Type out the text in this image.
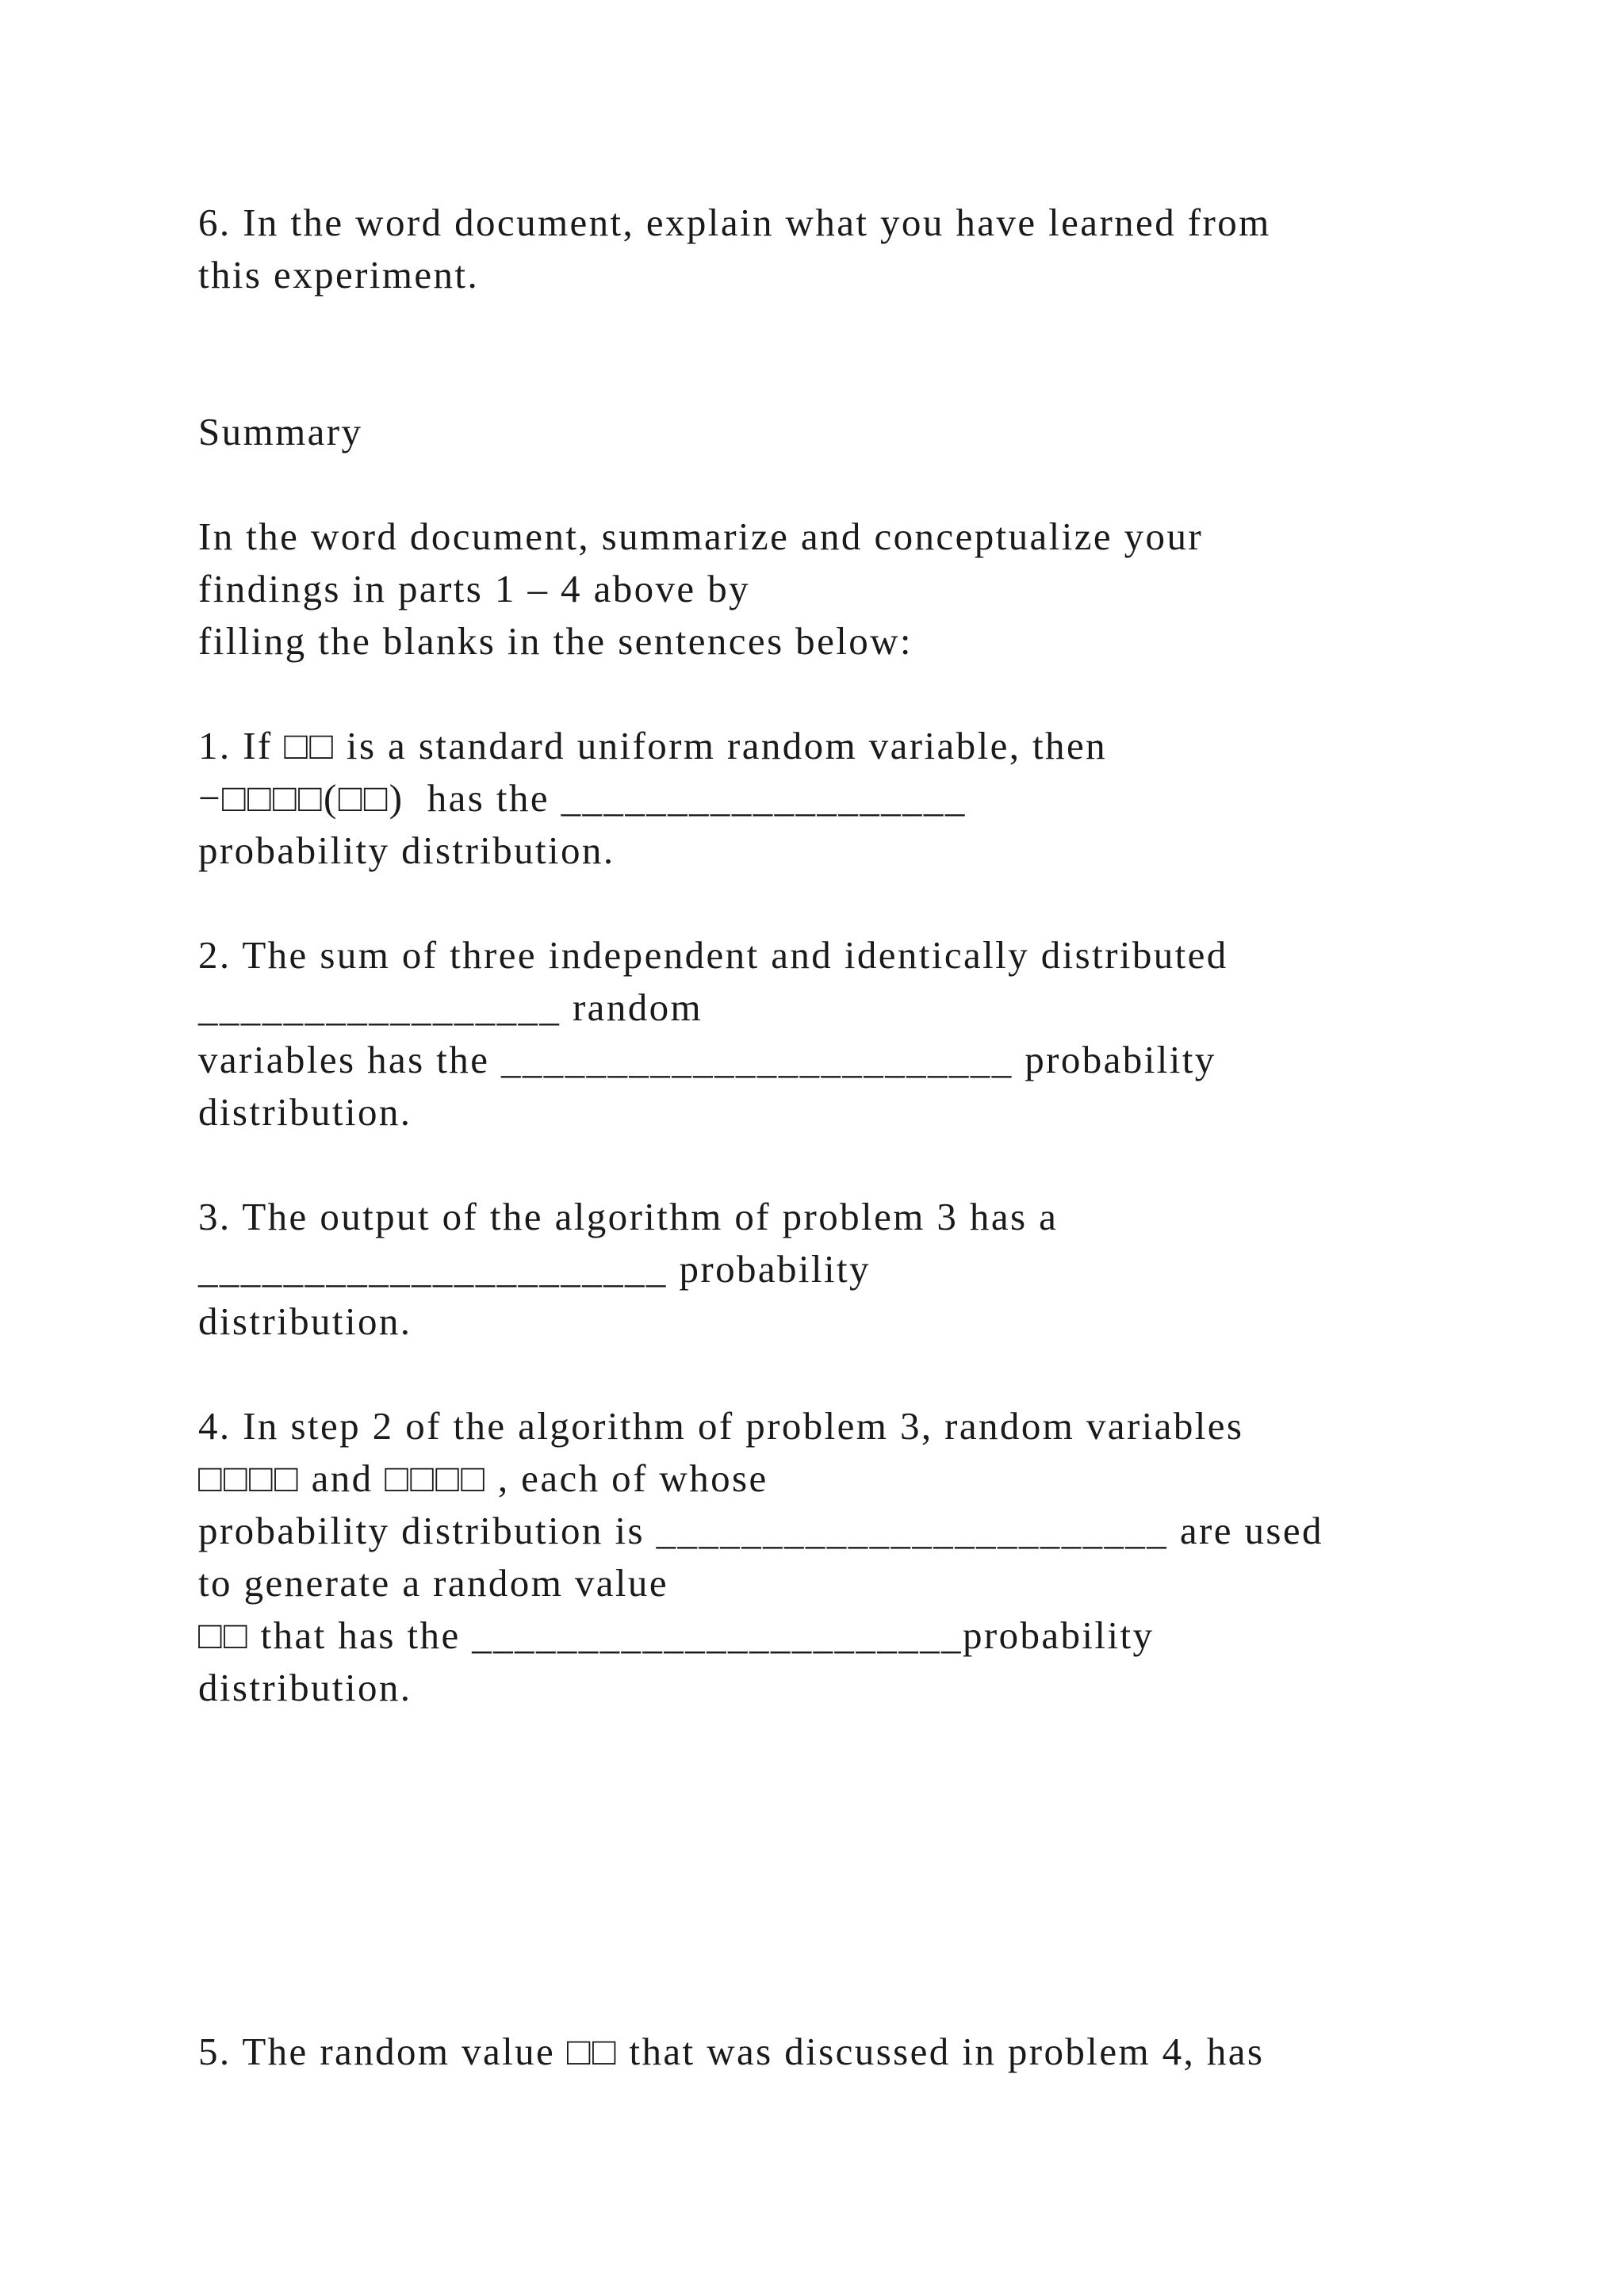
6. In the word document, explain what you have learned from
this experiment.
Summary
In the word document, summarize and conceptualize your
findings in parts 1 – 4 above by
filling the blanks in the sentences below:
1. If □□ is a standard uniform random variable, then
−□□□□(□□)  has the ___________________
probability distribution.
2. The sum of three independent and identically distributed
_________________ random
variables has the ________________________ probability
distribution.
3. The output of the algorithm of problem 3 has a
______________________ probability
distribution.
4. In step 2 of the algorithm of problem 3, random variables
□□□□ and □□□□ , each of whose
probability distribution is ________________________ are used
to generate a random value
□□ that has the _______________________probability
distribution.
5. The random value □□ that was discussed in problem 4, has
